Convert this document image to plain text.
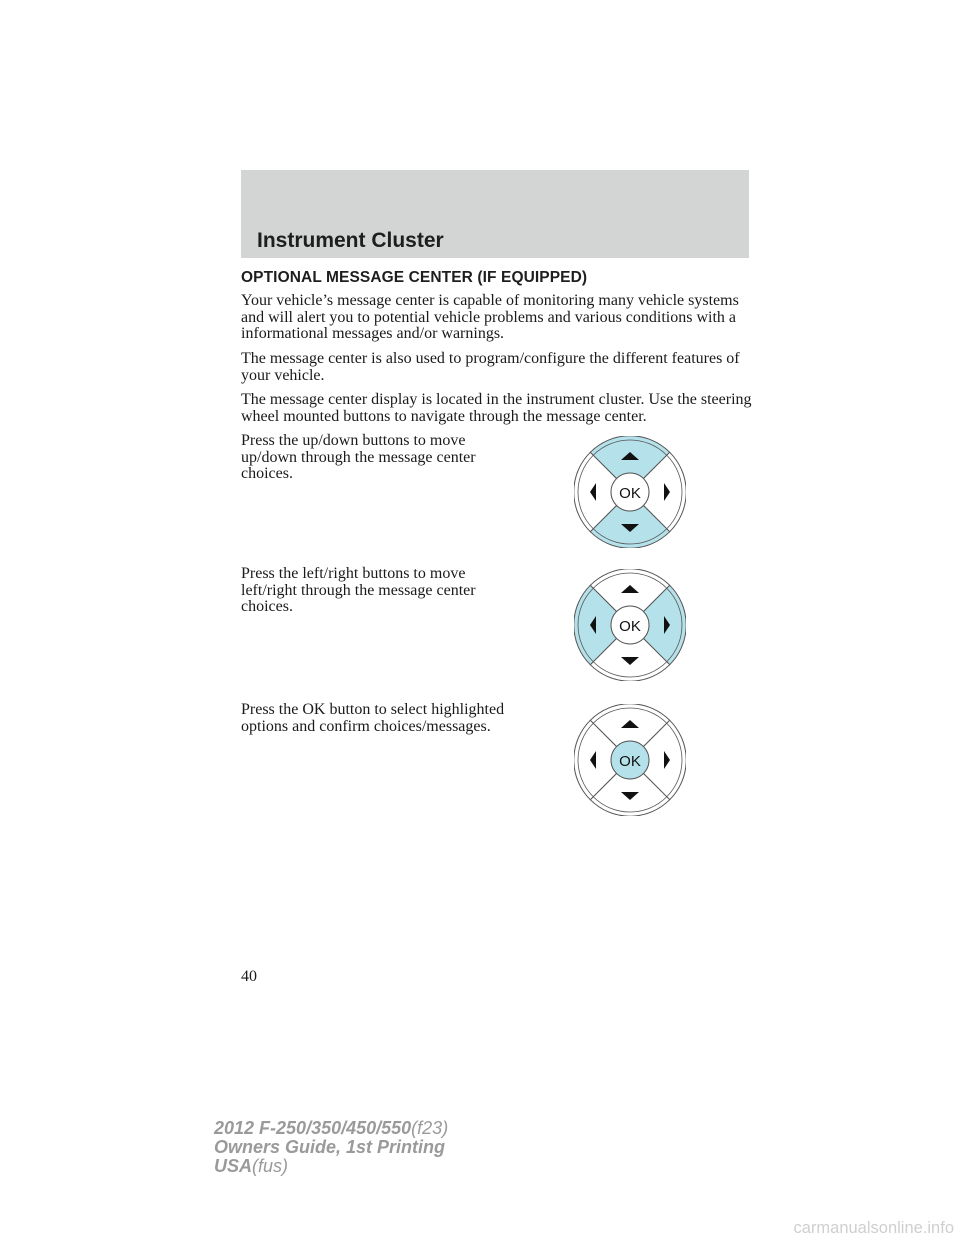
Instrument Cluster
OPTIONAL MESSAGE CENTER (IF EQUIPPED)

Your vehicle’s message center is capable of monitoring many vehicle systems and will alert you to potential vehicle problems and various conditions with a informational messages and/or warnings.

The message center is also used to program/configure the different features of your vehicle.

The message center display is located in the instrument cluster. Use the steering wheel mounted buttons to navigate through the message center.

Press the up/down buttons to move up/down through the message center choices.

OK

Press the left/right buttons to move left/right through the message center choices.

OK

Press the OK button to select highlighted options and confirm choices/messages.

OK
40
2012 F-250/350/450/550(f23)
Owners Guide, 1st Printing
USA(fus)
carmanualsonline.info
